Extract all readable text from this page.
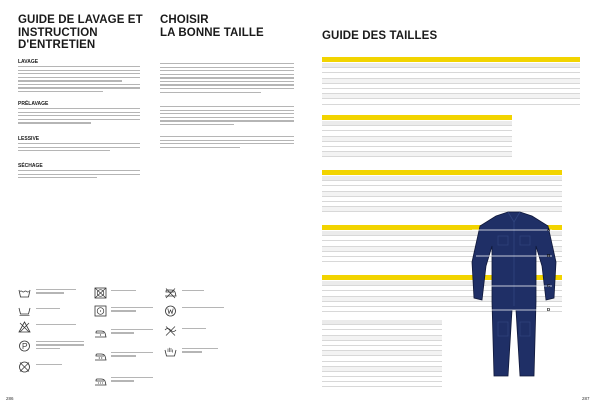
GUIDE DE LAVAGE ET
INSTRUCTION D'ENTRETIEN
LAVAGE
PRÉLAVAGE
LESSIVE
SÉCHAGE
CHOISIR
LA BONNE TAILLE	GUIDE DES TAILLES
A
B
C
D
286	287
